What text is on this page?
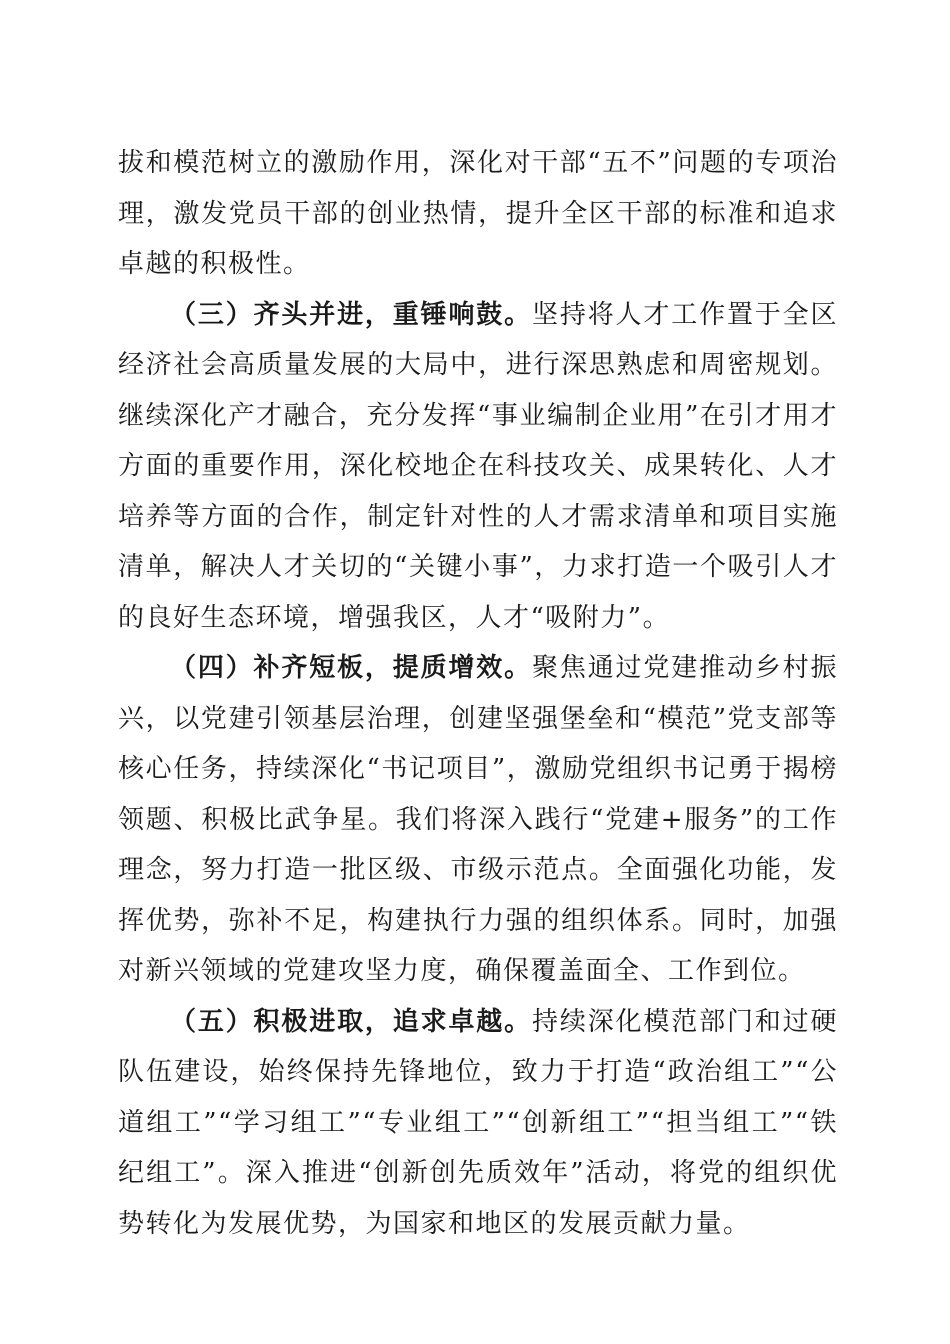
拔和模范树立的激励作用，深化对干部“五不”问题的专项治理，激发党员干部的创业热情，提升全区干部的标准和追求卓越的积极性。

（三）齐头并进，重锤响鼓。坚持将人才工作置于全区经济社会高质量发展的大局中，进行深思熟虑和周密规划。继续深化产才融合，充分发挥“事业编制企业用”在引才用才方面的重要作用，深化校地企在科技攻关、成果转化、人才培养等方面的合作，制定针对性的人才需求清单和项目实施清单，解决人才关切的“关键小事”，力求打造一个吸引人才的良好生态环境，增强我区，人才“吸附力”。

（四）补齐短板，提质增效。聚焦通过党建推动乡村振兴，以党建引领基层治理，创建坚强堡垒和“模范”党支部等核心任务，持续深化“书记项目”，激励党组织书记勇于揭榜领题、积极比武争星。我们将深入践行“党建+服务”的工作理念，努力打造一批区级、市级示范点。全面强化功能，发挥优势，弥补不足，构建执行力强的组织体系。同时，加强对新兴领域的党建攻坚力度，确保覆盖面全、工作到位。

（五）积极进取，追求卓越。持续深化模范部门和过硬队伍建设，始终保持先锋地位，致力于打造“政治组工”“公道组工”“学习组工”“专业组工”“创新组工”“担当组工”“铁纪组工”。深入推进“创新创先质效年”活动，将党的组织优势转化为发展优势，为国家和地区的发展贡献力量。
